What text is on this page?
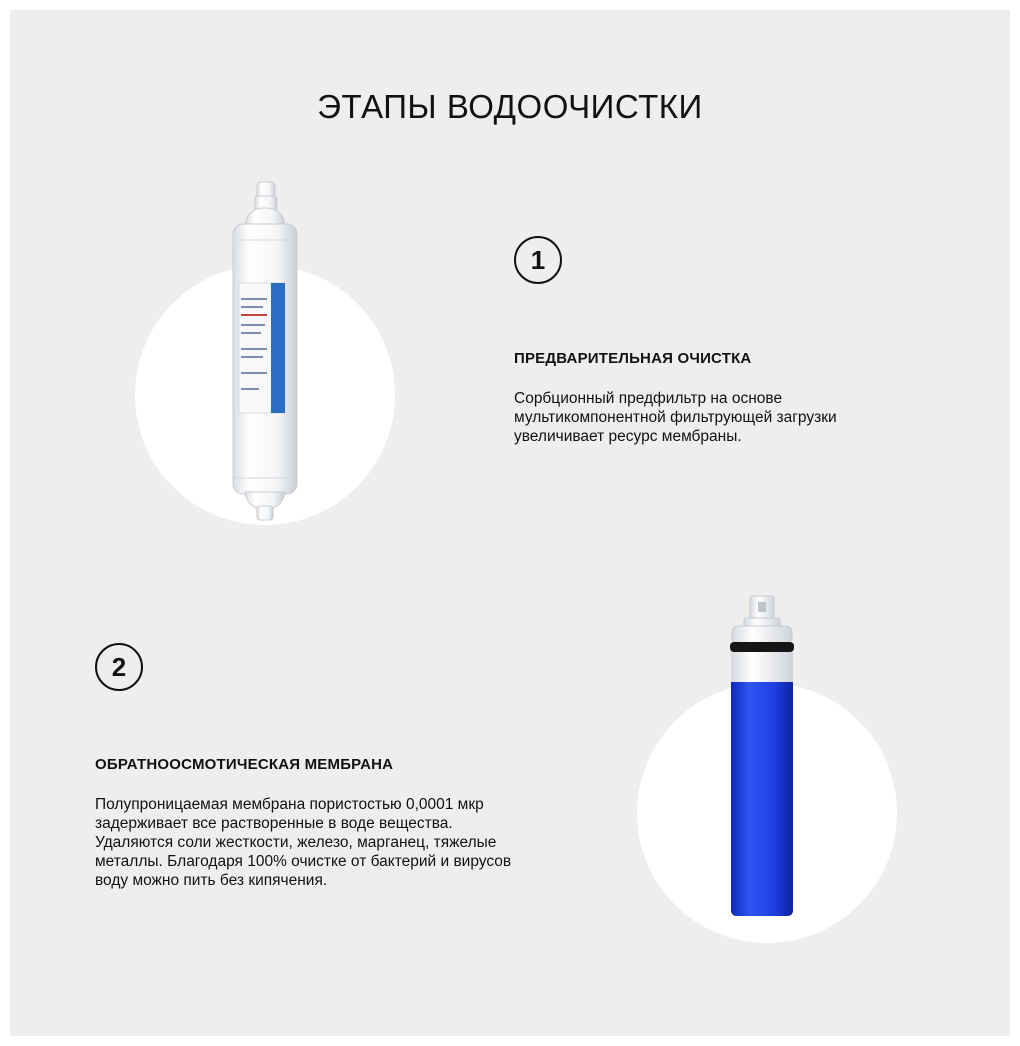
ЭТАПЫ ВОДООЧИСТКИ
1
ПРЕДВАРИТЕЛЬНАЯ ОЧИСТКА
Сорбционный предфильтр на основе мультикомпонентной фильтрующей загрузки увеличивает ресурс мембраны.
2
ОБРАТНООСМОТИЧЕСКАЯ МЕМБРАНА
Полупроницаемая мембрана пористостью 0,0001 мкр задерживает все растворенные в воде вещества. Удаляются соли жесткости, железо, марганец, тяжелые металлы. Благодаря 100% очистке от бактерий и вирусов воду можно пить без кипячения.
